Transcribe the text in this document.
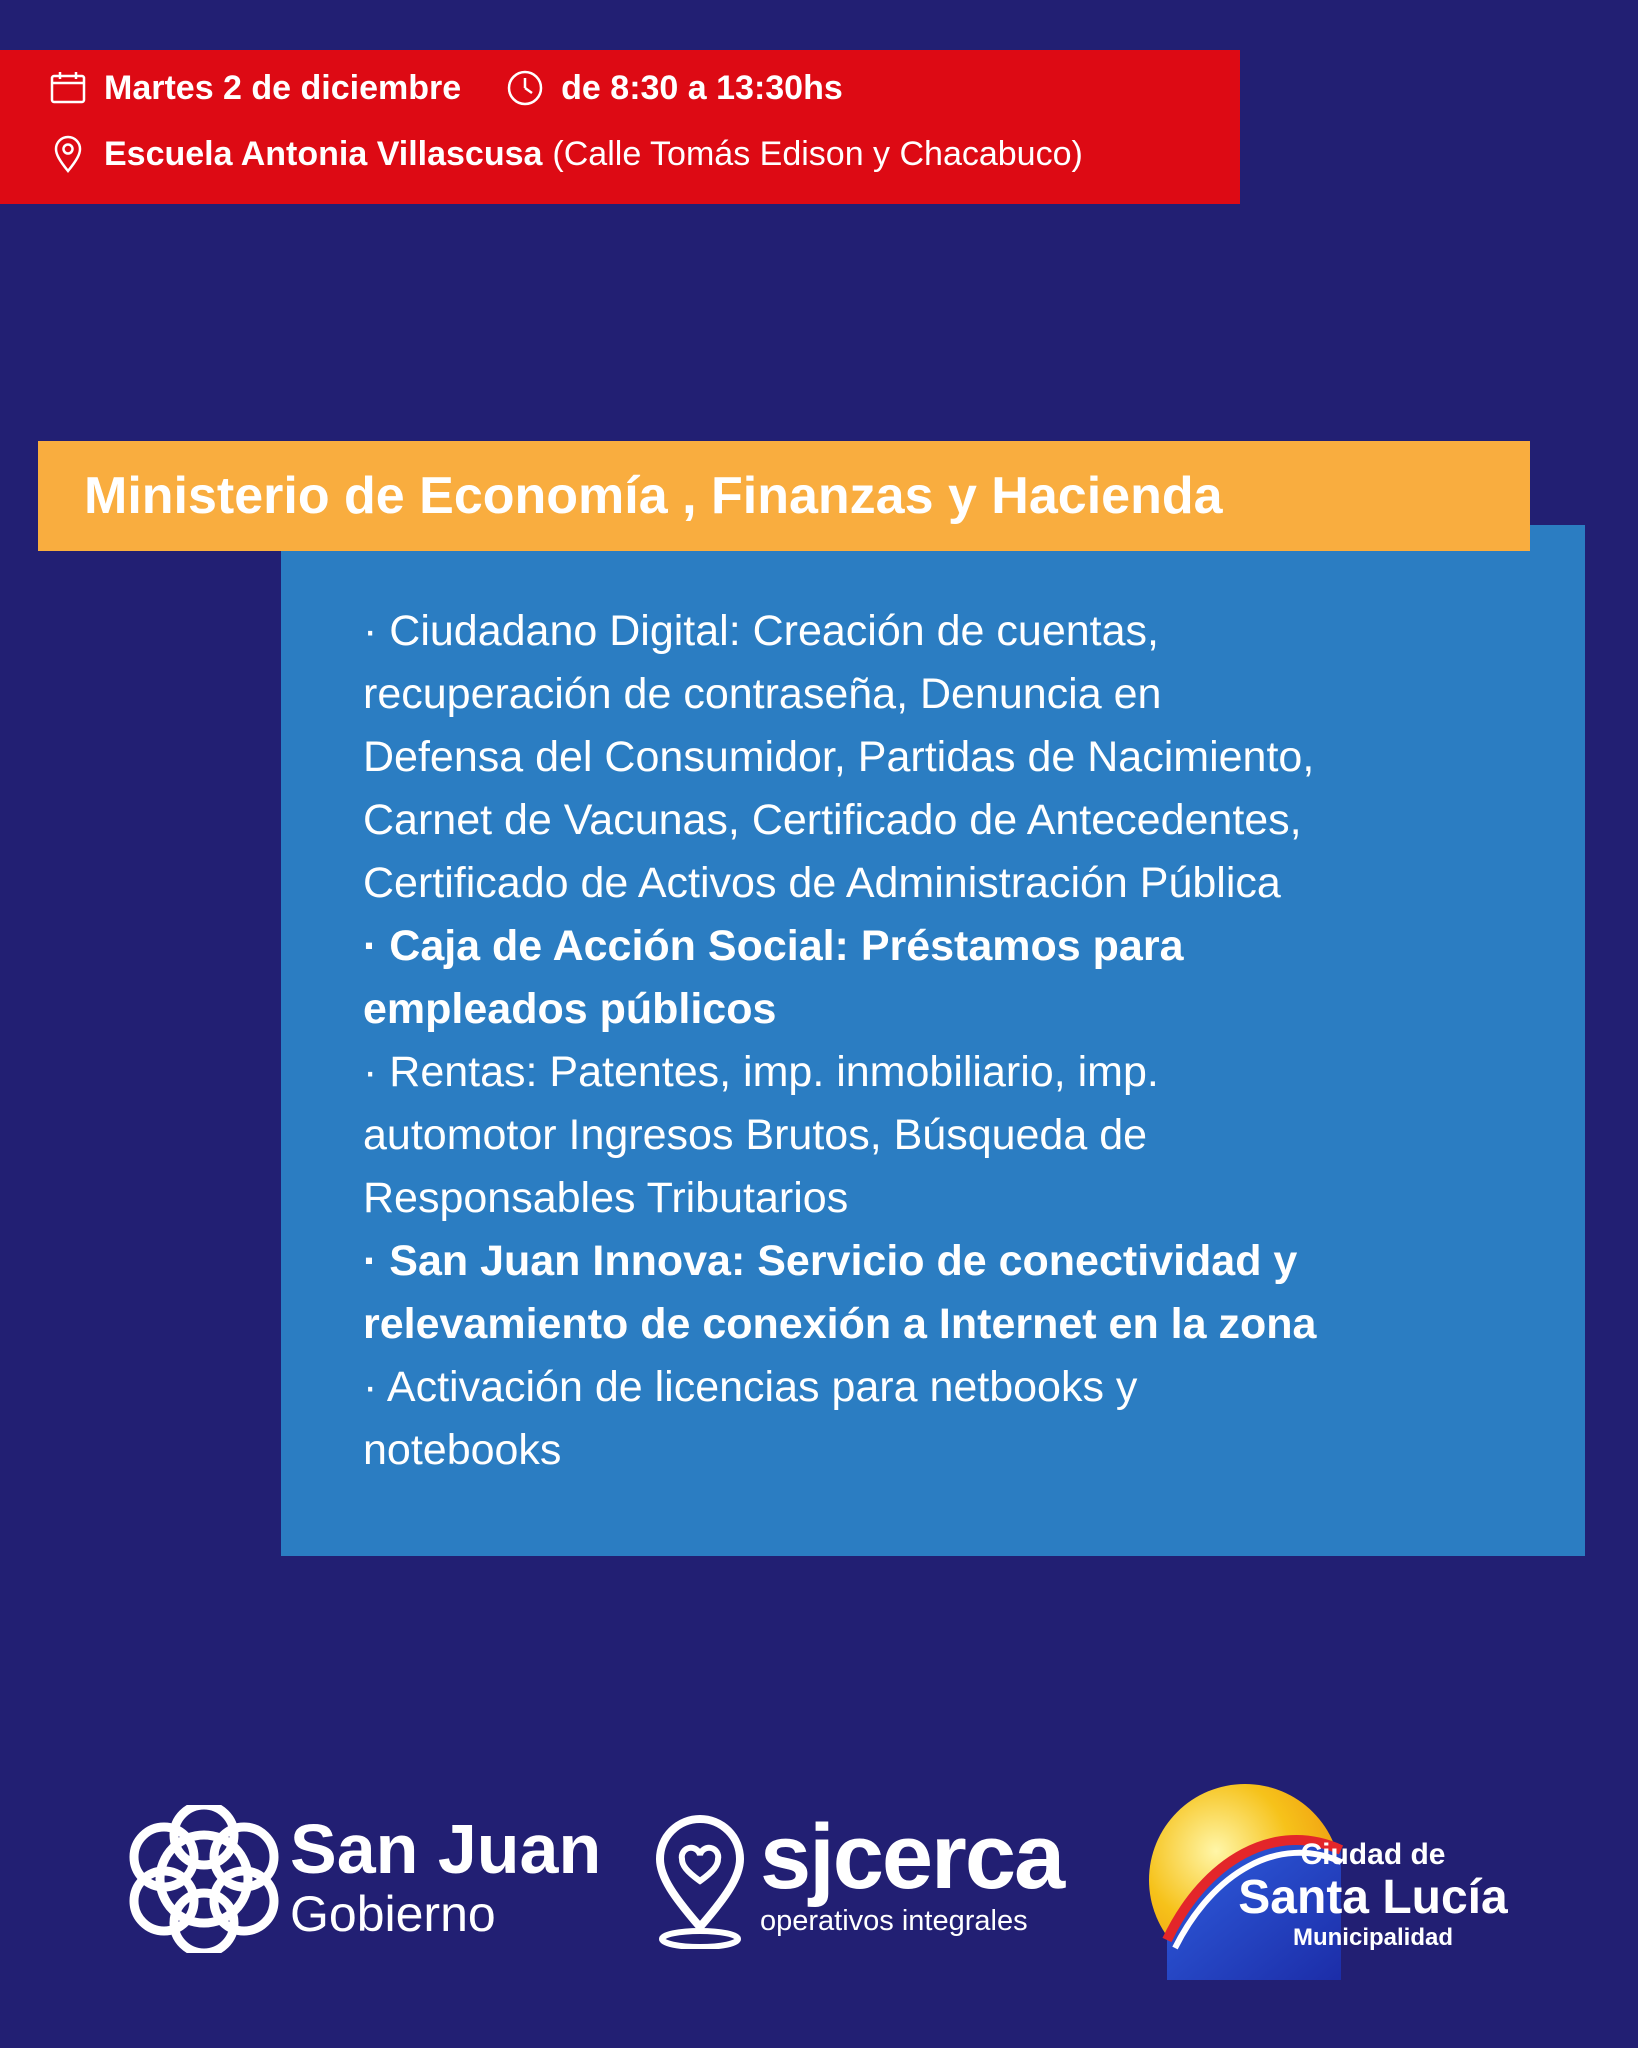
Martes 2 de diciembre	de 8:30 a 13:30hs
Escuela Antonia Villascusa (Calle Tomás Edison y Chacabuco)
Ministerio de Economía , Finanzas y Hacienda
· Ciudadano Digital: Creación de cuentas,
recuperación de contraseña, Denuncia en
Defensa del Consumidor, Partidas de Nacimiento,
Carnet de Vacunas, Certificado de Antecedentes,
Certificado de Activos de Administración Pública
· Caja de Acción Social: Préstamos para
empleados públicos
· Rentas: Patentes, imp. inmobiliario, imp.
automotor Ingresos Brutos, Búsqueda de
Responsables Tributarios
· San Juan Innova: Servicio de conectividad y
relevamiento de conexión a Internet en la zona
· Activación de licencias para netbooks y
notebooks
San Juan
Gobierno
sjcerca
operativos integrales
Ciudad de
Santa Lucía
Municipalidad
